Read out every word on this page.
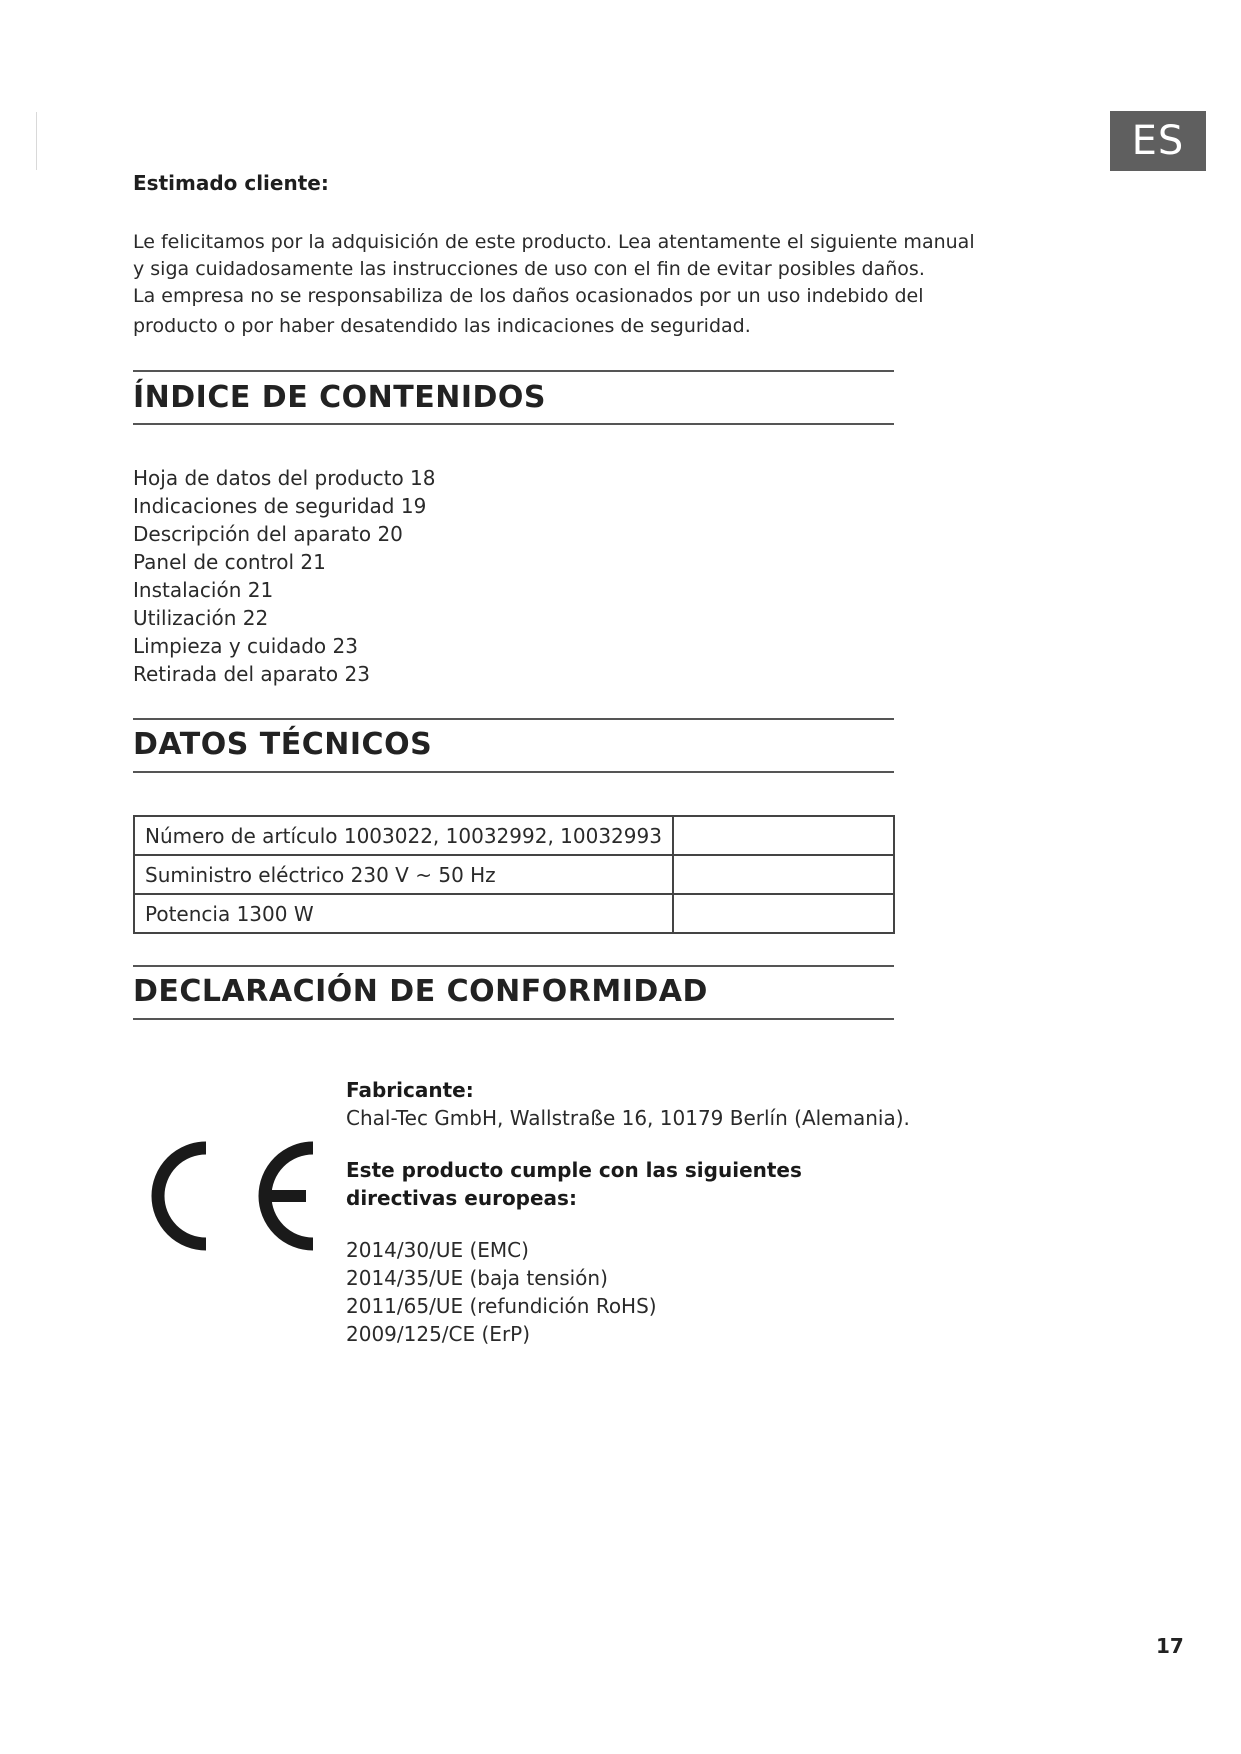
ES
Estimado cliente:

Le felicitamos por la adquisición de este producto. Lea atentamente el siguiente manual

y siga cuidadosamente las instrucciones de uso con el fin de evitar posibles daños.

La empresa no se responsabiliza de los daños ocasionados por un uso indebido del

producto o por haber desatendido las indicaciones de seguridad.

ÍNDICE DE CONTENIDOS
Hoja de datos del producto 18
Indicaciones de seguridad 19
Descripción del aparato 20
Panel de control 21
Instalación 21
Utilización 22
Limpieza y cuidado 23
Retirada del aparato 23
DATOS TÉCNICOS
Número de artículo 1003022, 10032992, 10032993	
Suministro eléctrico 230 V ~ 50 Hz	
Potencia 1300 W	
DECLARACIÓN DE CONFORMIDAD

Fabricante:

Chal-Tec GmbH, Wallstraße 16, 10179 Berlín (Alemania).

Este producto cumple con las siguientes directivas europeas:

2014/30/UE (EMC)
2014/35/UE (baja tensión)
2011/65/UE (refundición RoHS)
2009/125/CE (ErP)
17
